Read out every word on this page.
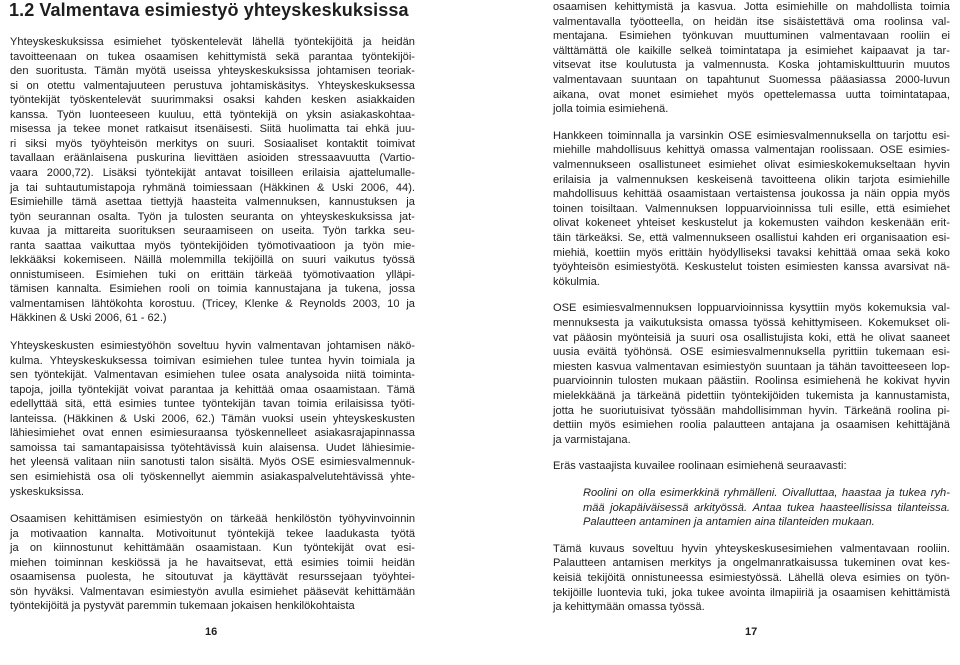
1.2 Valmentava esimiestyö yhteyskeskuksissa
Yhteyskeskuksissa esimiehet työskentelevät lähellä työntekijöitä ja heidän
tavoitteenaan on tukea osaamisen kehittymistä sekä parantaa työntekijöi-
den suoritusta. Tämän myötä useissa yhteyskeskuksissa johtamisen teoriak-
si on otettu valmentajuuteen perustuva johtamiskäsitys. Yhteyskeskuksessa
työntekijät työskentelevät suurimmaksi osaksi kahden kesken asiakkaiden
kanssa. Työn luonteeseen kuuluu, että työntekijä on yksin asiakaskohtaa-
misessa ja tekee monet ratkaisut itsenäisesti. Siitä huolimatta tai ehkä juu-
ri siksi myös työyhteisön merkitys on suuri. Sosiaaliset kontaktit toimivat
tavallaan eräänlaisena puskurina lievittäen asioiden stressaavuutta (Vartio-
vaara 2000,72). Lisäksi työntekijät antavat toisilleen erilaisia ajattelumalle-
ja tai suhtautumistapoja ryhmänä toimiessaan (Häkkinen & Uski 2006, 44).
Esimiehille tämä asettaa tiettyjä haasteita valmennuksen, kannustuksen ja
työn seurannan osalta. Työn ja tulosten seuranta on yhteyskeskuksissa jat-
kuvaa ja mittareita suorituksen seuraamiseen on useita. Työn tarkka seu-
ranta saattaa vaikuttaa myös työntekijöiden työmotivaatioon ja työn mie-
lekkääksi kokemiseen. Näillä molemmilla tekijöillä on suuri vaikutus työssä
onnistumiseen. Esimiehen tuki on erittäin tärkeää työmotivaation ylläpi-
tämisen kannalta. Esimiehen rooli on toimia kannustajana ja tukena, jossa
valmentamisen lähtökohta korostuu. (Tricey, Klenke & Reynolds 2003, 10 ja
Häkkinen & Uski 2006, 61 - 62.)
Yhteyskeskusten esimiestyöhön soveltuu hyvin valmentavan johtamisen näkö-
kulma. Yhteyskeskuksessa toimivan esimiehen tulee tuntea hyvin toimiala ja
sen työntekijät. Valmentavan esimiehen tulee osata analysoida niitä toiminta-
tapoja, joilla työntekijät voivat parantaa ja kehittää omaa osaamistaan. Tämä
edellyttää sitä, että esimies tuntee työntekijän tavan toimia erilaisissa työti-
lanteissa. (Häkkinen & Uski 2006, 62.) Tämän vuoksi usein yhteyskeskusten
lähiesimiehet ovat ennen esimiesuraansa työskennelleet asiakasrajapinnassa
samoissa tai samantapaisissa työtehtävissä kuin alaisensa. Uudet lähiesimie-
het yleensä valitaan niin sanotusti talon sisältä. Myös OSE esimiesvalmennuk-
sen esimiehistä osa oli työskennellyt aiemmin asiakaspalvelutehtävissä yhte-
yskeskuksissa.
Osaamisen kehittämisen esimiestyön on tärkeää henkilöstön työhyvinvoinnin
ja motivaation kannalta. Motivoitunut työntekijä tekee laadukasta työtä
ja on kiinnostunut kehittämään osaamistaan. Kun työntekijät ovat esi-
miehen toiminnan keskiössä ja he havaitsevat, että esimies toimii heidän
osaamisensa puolesta, he sitoutuvat ja käyttävät resurssejaan työyhtei-
sön hyväksi. Valmentavan esimiestyön avulla esimiehet pääsevät kehittämään
työntekijöitä ja pystyvät paremmin tukemaan jokaisen henkilökohtaista
osaamisen kehittymistä ja kasvua. Jotta esimiehille on mahdollista toimia
valmentavalla työotteella, on heidän itse sisäistettävä oma roolinsa val-
mentajana. Esimiehen työnkuvan muuttuminen valmentavaan rooliin ei
välttämättä ole kaikille selkeä toimintatapa ja esimiehet kaipaavat ja tar-
vitsevat itse koulutusta ja valmennusta. Koska johtamiskulttuurin muutos
valmentavaan suuntaan on tapahtunut Suomessa pääasiassa 2000-luvun
aikana, ovat monet esimiehet myös opettelemassa uutta toimintatapaa,
jolla toimia esimiehenä.
Hankkeen toiminnalla ja varsinkin OSE esimiesvalmennuksella on tarjottu esi-
miehille mahdollisuus kehittyä omassa valmentajan roolissaan. OSE esimies-
valmennukseen osallistuneet esimiehet olivat esimieskokemukseltaan hyvin
erilaisia ja valmennuksen keskeisenä tavoitteena olikin tarjota esimiehille
mahdollisuus kehittää osaamistaan vertaistensa joukossa ja näin oppia myös
toinen toisiltaan. Valmennuksen loppuarvioinnissa tuli esille, että esimiehet
olivat kokeneet yhteiset keskustelut ja kokemusten vaihdon keskenään erit-
täin tärkeäksi. Se, että valmennukseen osallistui kahden eri organisaation esi-
miehiä, koettiin myös erittäin hyödylliseksi tavaksi kehittää omaa sekä koko
työyhteisön esimiestyötä. Keskustelut toisten esimiesten kanssa avarsivat nä-
kökulmia.
OSE esimiesvalmennuksen loppuarvioinnissa kysyttiin myös kokemuksia val-
mennuksesta ja vaikutuksista omassa työssä kehittymiseen. Kokemukset oli-
vat pääosin myönteisiä ja suuri osa osallistujista koki, että he olivat saaneet
uusia eväitä työhönsä. OSE esimiesvalmennuksella pyrittiin tukemaan esi-
miesten kasvua valmentavan esimiestyön suuntaan ja tähän tavoitteeseen lop-
puarvioinnin tulosten mukaan päästiin. Roolinsa esimiehenä he kokivat hyvin
mielekkäänä ja tärkeänä pidettiin työntekijöiden tukemista ja kannustamista,
jotta he suoriutuisivat työssään mahdollisimman hyvin. Tärkeänä roolina pi-
dettiin myös esimiehen roolia palautteen antajana ja osaamisen kehittäjänä
ja varmistajana.
Eräs vastaajista kuvailee roolinaan esimiehenä seuraavasti:
Roolini on olla esimerkkinä ryhmälleni. Oivalluttaa, haastaa ja tukea ryh-
mää jokapäiväisessä arkityössä. Antaa tukea haasteellisissa tilanteissa.
Palautteen antaminen ja antamien aina tilanteiden mukaan.
Tämä kuvaus soveltuu hyvin yhteyskeskusesimiehen valmentavaan rooliin.
Palautteen antamisen merkitys ja ongelmanratkaisussa tukeminen ovat kes-
keisiä tekijöitä onnistuneessa esimiestyössä. Lähellä oleva esimies on työn-
tekijöille luontevia tuki, joka tukee avointa ilmapiiriä ja osaamisen kehittämistä
ja kehittymään omassa työssä.
16	17
